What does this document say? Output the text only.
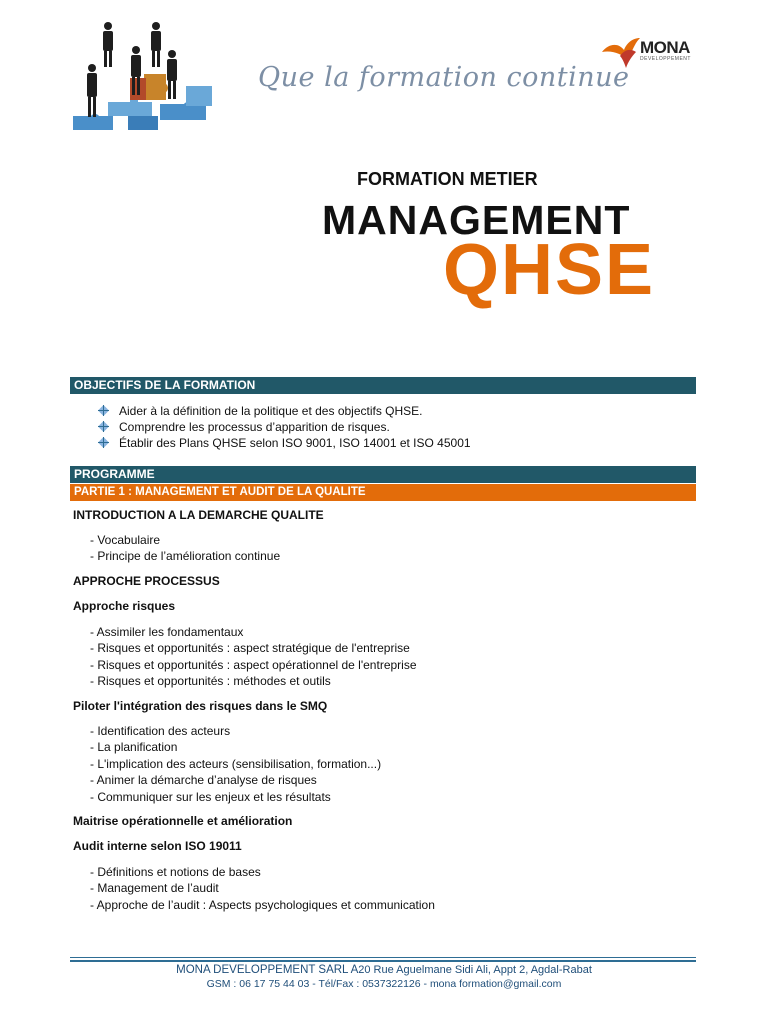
Que la formation continue
MONA
DEVELOPPEMENT
FORMATION METIER
MANAGEMENT
QHSE
OBJECTIFS DE LA FORMATION
Aider à la définition de la politique et des objectifs QHSE.
Comprendre les processus d’apparition de risques.
Établir des Plans QHSE selon ISO 9001, ISO 14001 et ISO 45001
PROGRAMME
PARTIE 1 : MANAGEMENT ET AUDIT DE LA QUALITE
INTRODUCTION A LA DEMARCHE QUALITE
- Vocabulaire
- Principe de l’amélioration continue
APPROCHE PROCESSUS
Approche risques
- Assimiler les fondamentaux
- Risques et opportunités : aspect stratégique de l'entreprise
- Risques et opportunités : aspect opérationnel de l'entreprise
- Risques et opportunités : méthodes et outils
Piloter l'intégration des risques dans le SMQ
- Identification des acteurs
- La planification
- L'implication des acteurs (sensibilisation, formation...)
- Animer la démarche d’analyse de risques
- Communiquer sur les enjeux et les résultats
Maitrise opérationnelle et amélioration
Audit interne selon ISO 19011
- Définitions et notions de bases
- Management de l’audit
- Approche de l’audit : Aspects psychologiques et communication
MONA DEVELOPPEMENT SARL A20 Rue Aguelmane Sidi Ali, Appt 2, Agdal-Rabat
GSM : 06 17 75 44 03 - Tél/Fax : 0537322126 - mona formation@gmail.com
